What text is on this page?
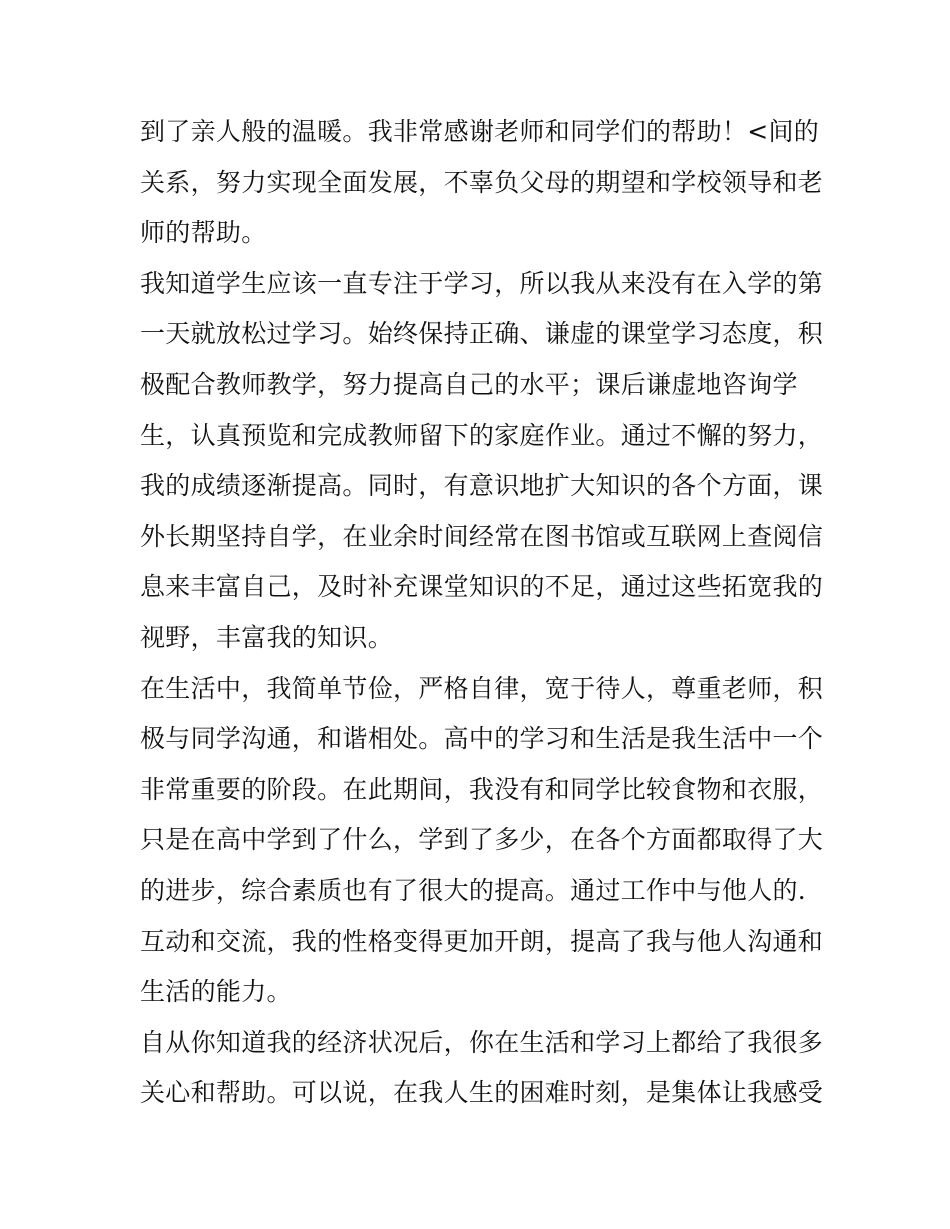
到了亲人般的温暖。我非常感谢老师和同学们的帮助！<间的
关系，努力实现全面发展，不辜负父母的期望和学校领导和老
师的帮助。
我知道学生应该一直专注于学习，所以我从来没有在入学的第
一天就放松过学习。始终保持正确、谦虚的课堂学习态度，积
极配合教师教学，努力提高自己的水平；课后谦虚地咨询学
生，认真预览和完成教师留下的家庭作业。通过不懈的努力，
我的成绩逐渐提高。同时，有意识地扩大知识的各个方面，课
外长期坚持自学，在业余时间经常在图书馆或互联网上查阅信
息来丰富自己，及时补充课堂知识的不足，通过这些拓宽我的
视野，丰富我的知识。
在生活中，我简单节俭，严格自律，宽于待人，尊重老师，积
极与同学沟通，和谐相处。高中的学习和生活是我生活中一个
非常重要的阶段。在此期间，我没有和同学比较食物和衣服，
只是在高中学到了什么，学到了多少，在各个方面都取得了大
的进步，综合素质也有了很大的提高。通过工作中与他人的.
互动和交流，我的性格变得更加开朗，提高了我与他人沟通和
生活的能力。
自从你知道我的经济状况后，你在生活和学习上都给了我很多
关心和帮助。可以说，在我人生的困难时刻，是集体让我感受
